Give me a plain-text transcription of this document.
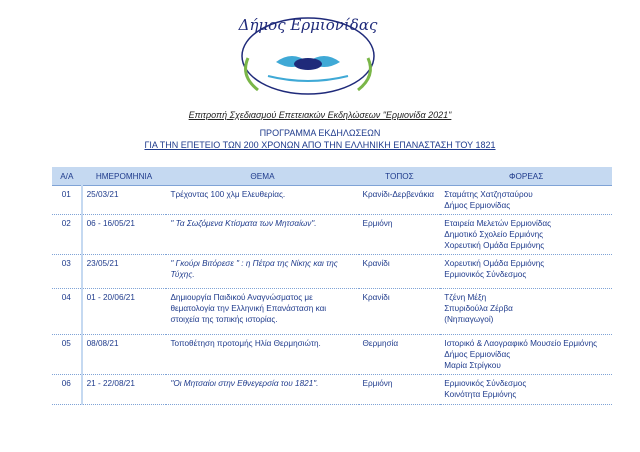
Δήμος Ερμιονίδας
Επιτροπή Σχεδιασμού Επετειακών Εκδηλώσεων "Ερμιονίδα 2021"
ΠΡΟΓΡΑΜΜΑ ΕΚΔΗΛΩΣΕΩΝ
ΓΙΑ ΤΗΝ ΕΠΕΤΕΙΟ ΤΩΝ 200 ΧΡΟΝΩΝ ΑΠΟ ΤΗΝ ΕΛΛΗΝΙΚΗ ΕΠΑΝΑΣΤΑΣΗ ΤΟΥ 1821
Α/Α	ΗΜΕΡΟΜΗΝΙΑ	ΘΕΜΑ	ΤΟΠΟΣ	ΦΟΡΕΑΣ
01	25/03/21	Τρέχοντας 100 χλμ Ελευθερίας.	Κρανίδι-Δερβενάκια	Σταμάτης Χατζησταύρου
Δήμος Ερμιονίδας

02	06 - 16/05/21	" Τα Σωζόμενα Κτίσματα των Μητσαίων".	Ερμιόνη	Εταιρεία Μελετών Ερμιονίδας
Δημοτικό Σχολείο Ερμιόνης
Χορευτική Ομάδα Ερμιόνης

03	23/05/21	" Γκούρι Βιτόρεσε " : η Πέτρα της Νίκης και της Τύχης.	Κρανίδι	Χορευτική Ομάδα Ερμιόνης
Ερμιονικός Σύνδεσμος

04	01 - 20/06/21	Δημιουργία Παιδικού Αναγνώσματος με θεματολογία την Ελληνική Επανάσταση και στοιχεία της τοπικής ιστορίας.	Κρανίδι	Τζένη Μέξη
Σπυριδούλα Ζέρβα
(Νηπιαγωγοί)

05	08/08/21	Τοποθέτηση προτομής Ηλία Θερμησιώτη.	Θερμησία	Ιστορικό & Λαογραφικό Μουσείο Ερμιόνης
Δήμος Ερμιονίδας
Μαρία Στρίγκου

06	21 - 22/08/21	"Οι Μητσαίοι στην Εθνεγερσία του 1821".	Ερμιόνη	Ερμιονικός Σύνδεσμος
Κοινότητα Ερμιόνης
